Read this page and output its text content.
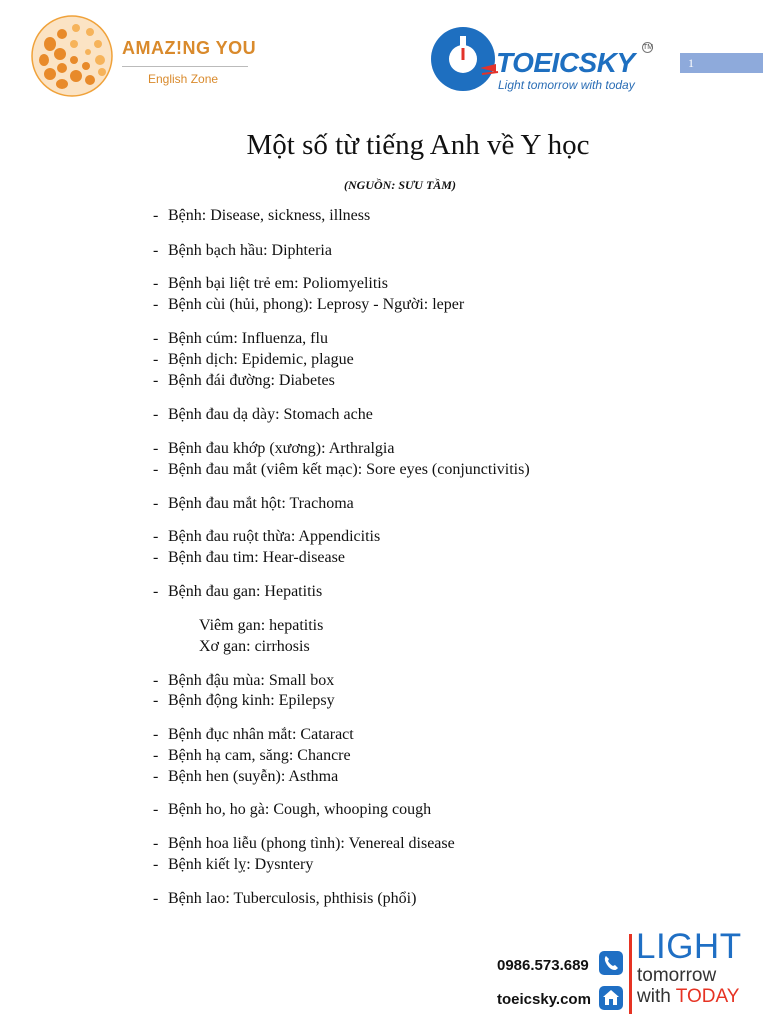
AMAZ!NG YOU
English Zone
TOEICSKY TM
Light tomorrow with today
1
Một số từ tiếng Anh về Y học
(NGUỒN: SƯU TẦM)
- Bệnh: Disease, sickness, illness
- Bệnh bạch hầu: Diphteria
- Bệnh bại liệt trẻ em: Poliomyelitis
- Bệnh cùi (hủi, phong): Leprosy - Người: leper
- Bệnh cúm: Influenza, flu
- Bệnh dịch: Epidemic, plague
- Bệnh đái đường: Diabetes
- Bệnh đau dạ dày: Stomach ache
- Bệnh đau khớp (xương): Arthralgia
- Bệnh đau mắt (viêm kết mạc): Sore eyes (conjunctivitis)
- Bệnh đau mắt hột: Trachoma
- Bệnh đau ruột thừa: Appendicitis
- Bệnh đau tim: Hear-disease
- Bệnh đau gan: Hepatitis
Viêm gan: hepatitis
Xơ gan: cirrhosis
- Bệnh đậu mùa: Small box
- Bệnh động kinh: Epilepsy
- Bệnh đục nhân mắt: Cataract
- Bệnh hạ cam, săng: Chancre
- Bệnh hen (suyễn): Asthma
- Bệnh ho, ho gà: Cough, whooping cough
- Bệnh hoa liễu (phong tình): Venereal disease
- Bệnh kiết lỵ: Dysntery
- Bệnh lao: Tuberculosis, phthisis (phổi)
0986.573.689
toeicsky.com
LIGHT
tomorrow
with TODAY
